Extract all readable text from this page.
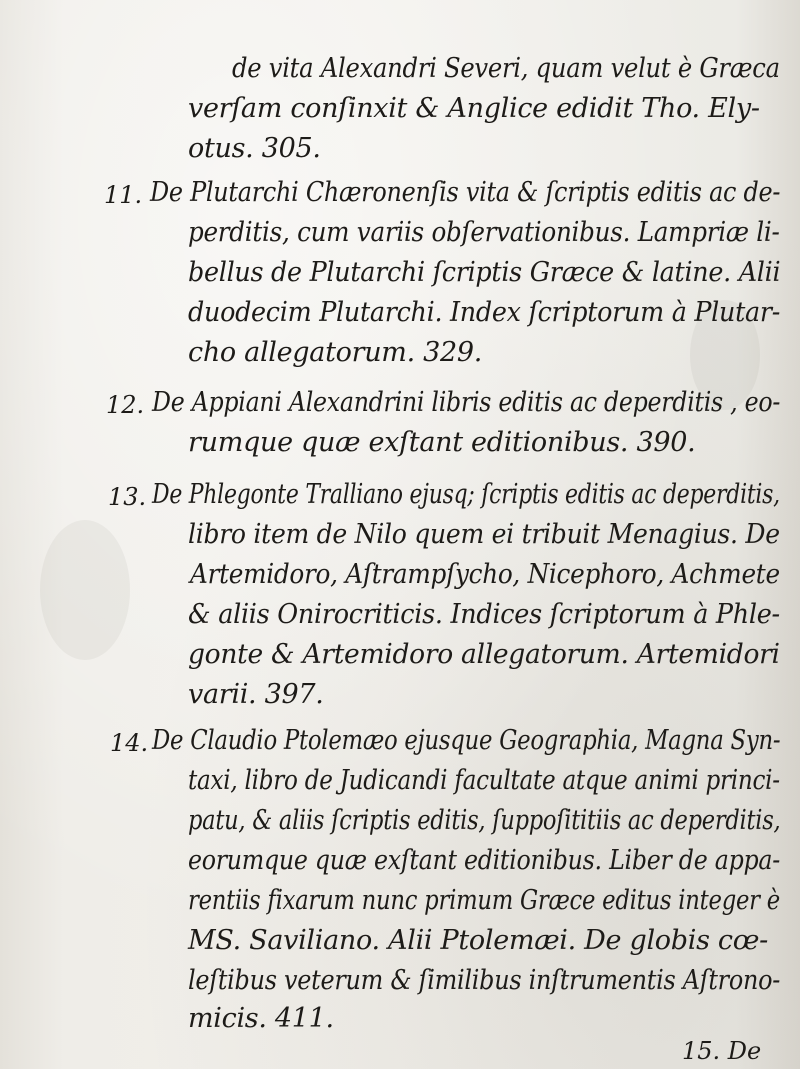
de vita Alexandri Severi, quam velut è Græca
verſam conſinxit & Anglice edidit Tho. Ely-
otus. 305.
11. De Plutarchi Chæronenſis vita & ſcriptis editis ac de-
perditis, cum variis obſervationibus. Lampriæ li-
bellus de Plutarchi ſcriptis Græce & latine. Alii
duodecim Plutarchi. Index ſcriptorum à Plutar-
cho allegatorum. 329.
12. De Appiani Alexandrini libris editis ac deperditis , eo-
rumque quæ exſtant editionibus. 390.
13. De Phlegonte Tralliano ejusq; ſcriptis editis ac deperditis,
libro item de Nilo quem ei tribuit Menagius. De
Artemidoro, Aſtrampſycho, Nicephoro, Achmete
& aliis Onirocriticis. Indices ſcriptorum à Phle-
gonte & Artemidoro allegatorum. Artemidori
varii. 397.
14. De Claudio Ptolemæo ejusque Geographia, Magna Syn-
taxi, libro de Judicandi facultate atque animi princi-
patu, & aliis ſcriptis editis, ſuppoſititiis ac deperditis,
eorumque quæ exſtant editionibus. Liber de appa-
rentiis fixarum nunc primum Græce editus integer è
MS. Saviliano. Alii Ptolemæi. De globis cœ-
leſtibus veterum & ſimilibus inſtrumentis Aſtrono-
micis. 411.
15. De
